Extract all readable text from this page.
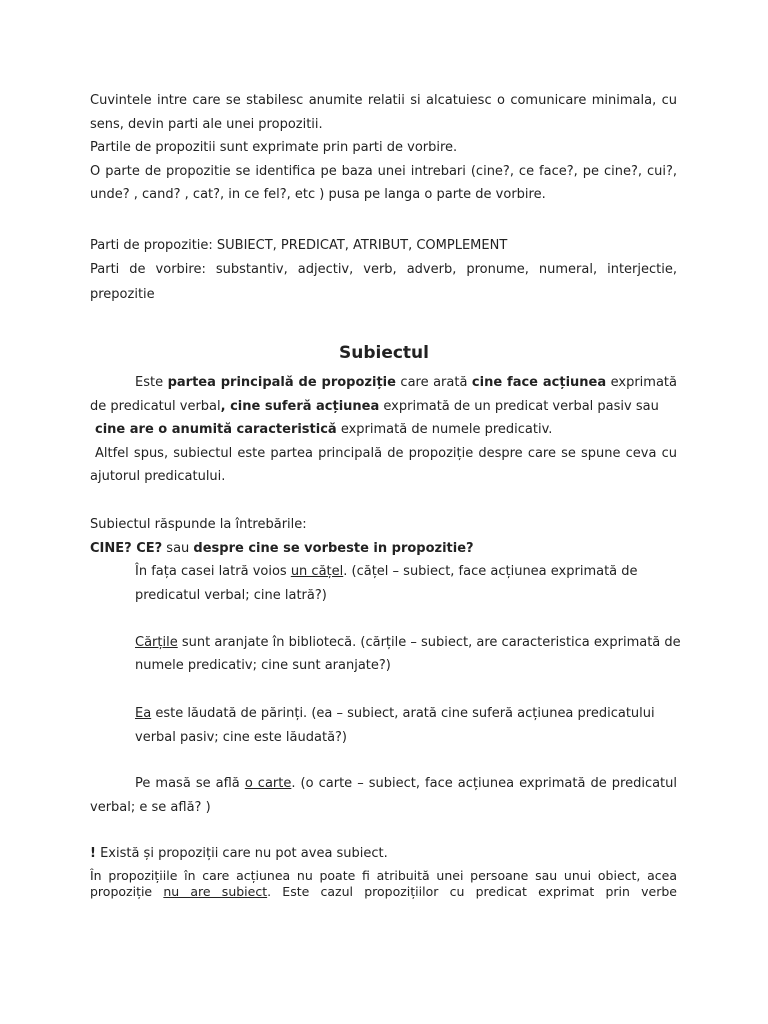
Cuvintele intre care se stabilesc anumite relatii si alcatuiesc o comunicare minimala, cu
sens, devin parti ale unei propozitii.
Partile de propozitii sunt exprimate prin parti de vorbire.
O parte de propozitie se identifica pe baza unei intrebari (cine?, ce face?, pe cine?, cui?,
unde? , cand? , cat?, in ce fel?, etc ) pusa pe langa o parte de vorbire.
Parti de propozitie: SUBIECT, PREDICAT, ATRIBUT, COMPLEMENT
Parti de vorbire: substantiv, adjectiv, verb, adverb, pronume, numeral, interjectie,
prepozitie
Subiectul
Este partea principală de propoziție care arată cine face acțiunea exprimată
de predicatul verbal, cine suferă acțiunea exprimată de un predicat verbal pasiv sau
cine are o anumită caracteristică exprimată de numele predicativ.
Altfel spus, subiectul este partea principală de propoziție despre care se spune ceva cu
ajutorul predicatului.
Subiectul răspunde la întrebările:
CINE? CE? sau despre cine se vorbeste in propozitie?
În fața casei latră voios un cățel. (cățel – subiect, face acțiunea exprimată de
predicatul verbal; cine latră?)
Cărțile sunt aranjate în bibliotecă. (cărțile – subiect, are caracteristica exprimată de
numele predicativ; cine sunt aranjate?)
Ea este lăudată de părinți. (ea – subiect, arată cine suferă acțiunea predicatului
verbal pasiv; cine este lăudată?)
Pe masă se află o carte. (o carte – subiect, face acțiunea exprimată de predicatul
verbal; e se află? )
! Există și propoziții care nu pot avea subiect.
În propozițiile în care acțiunea nu poate fi atribuită unei persoane sau unui obiect, acea
propoziție nu are subiect. Este cazul propozițiilor cu predicat exprimat prin verbe
